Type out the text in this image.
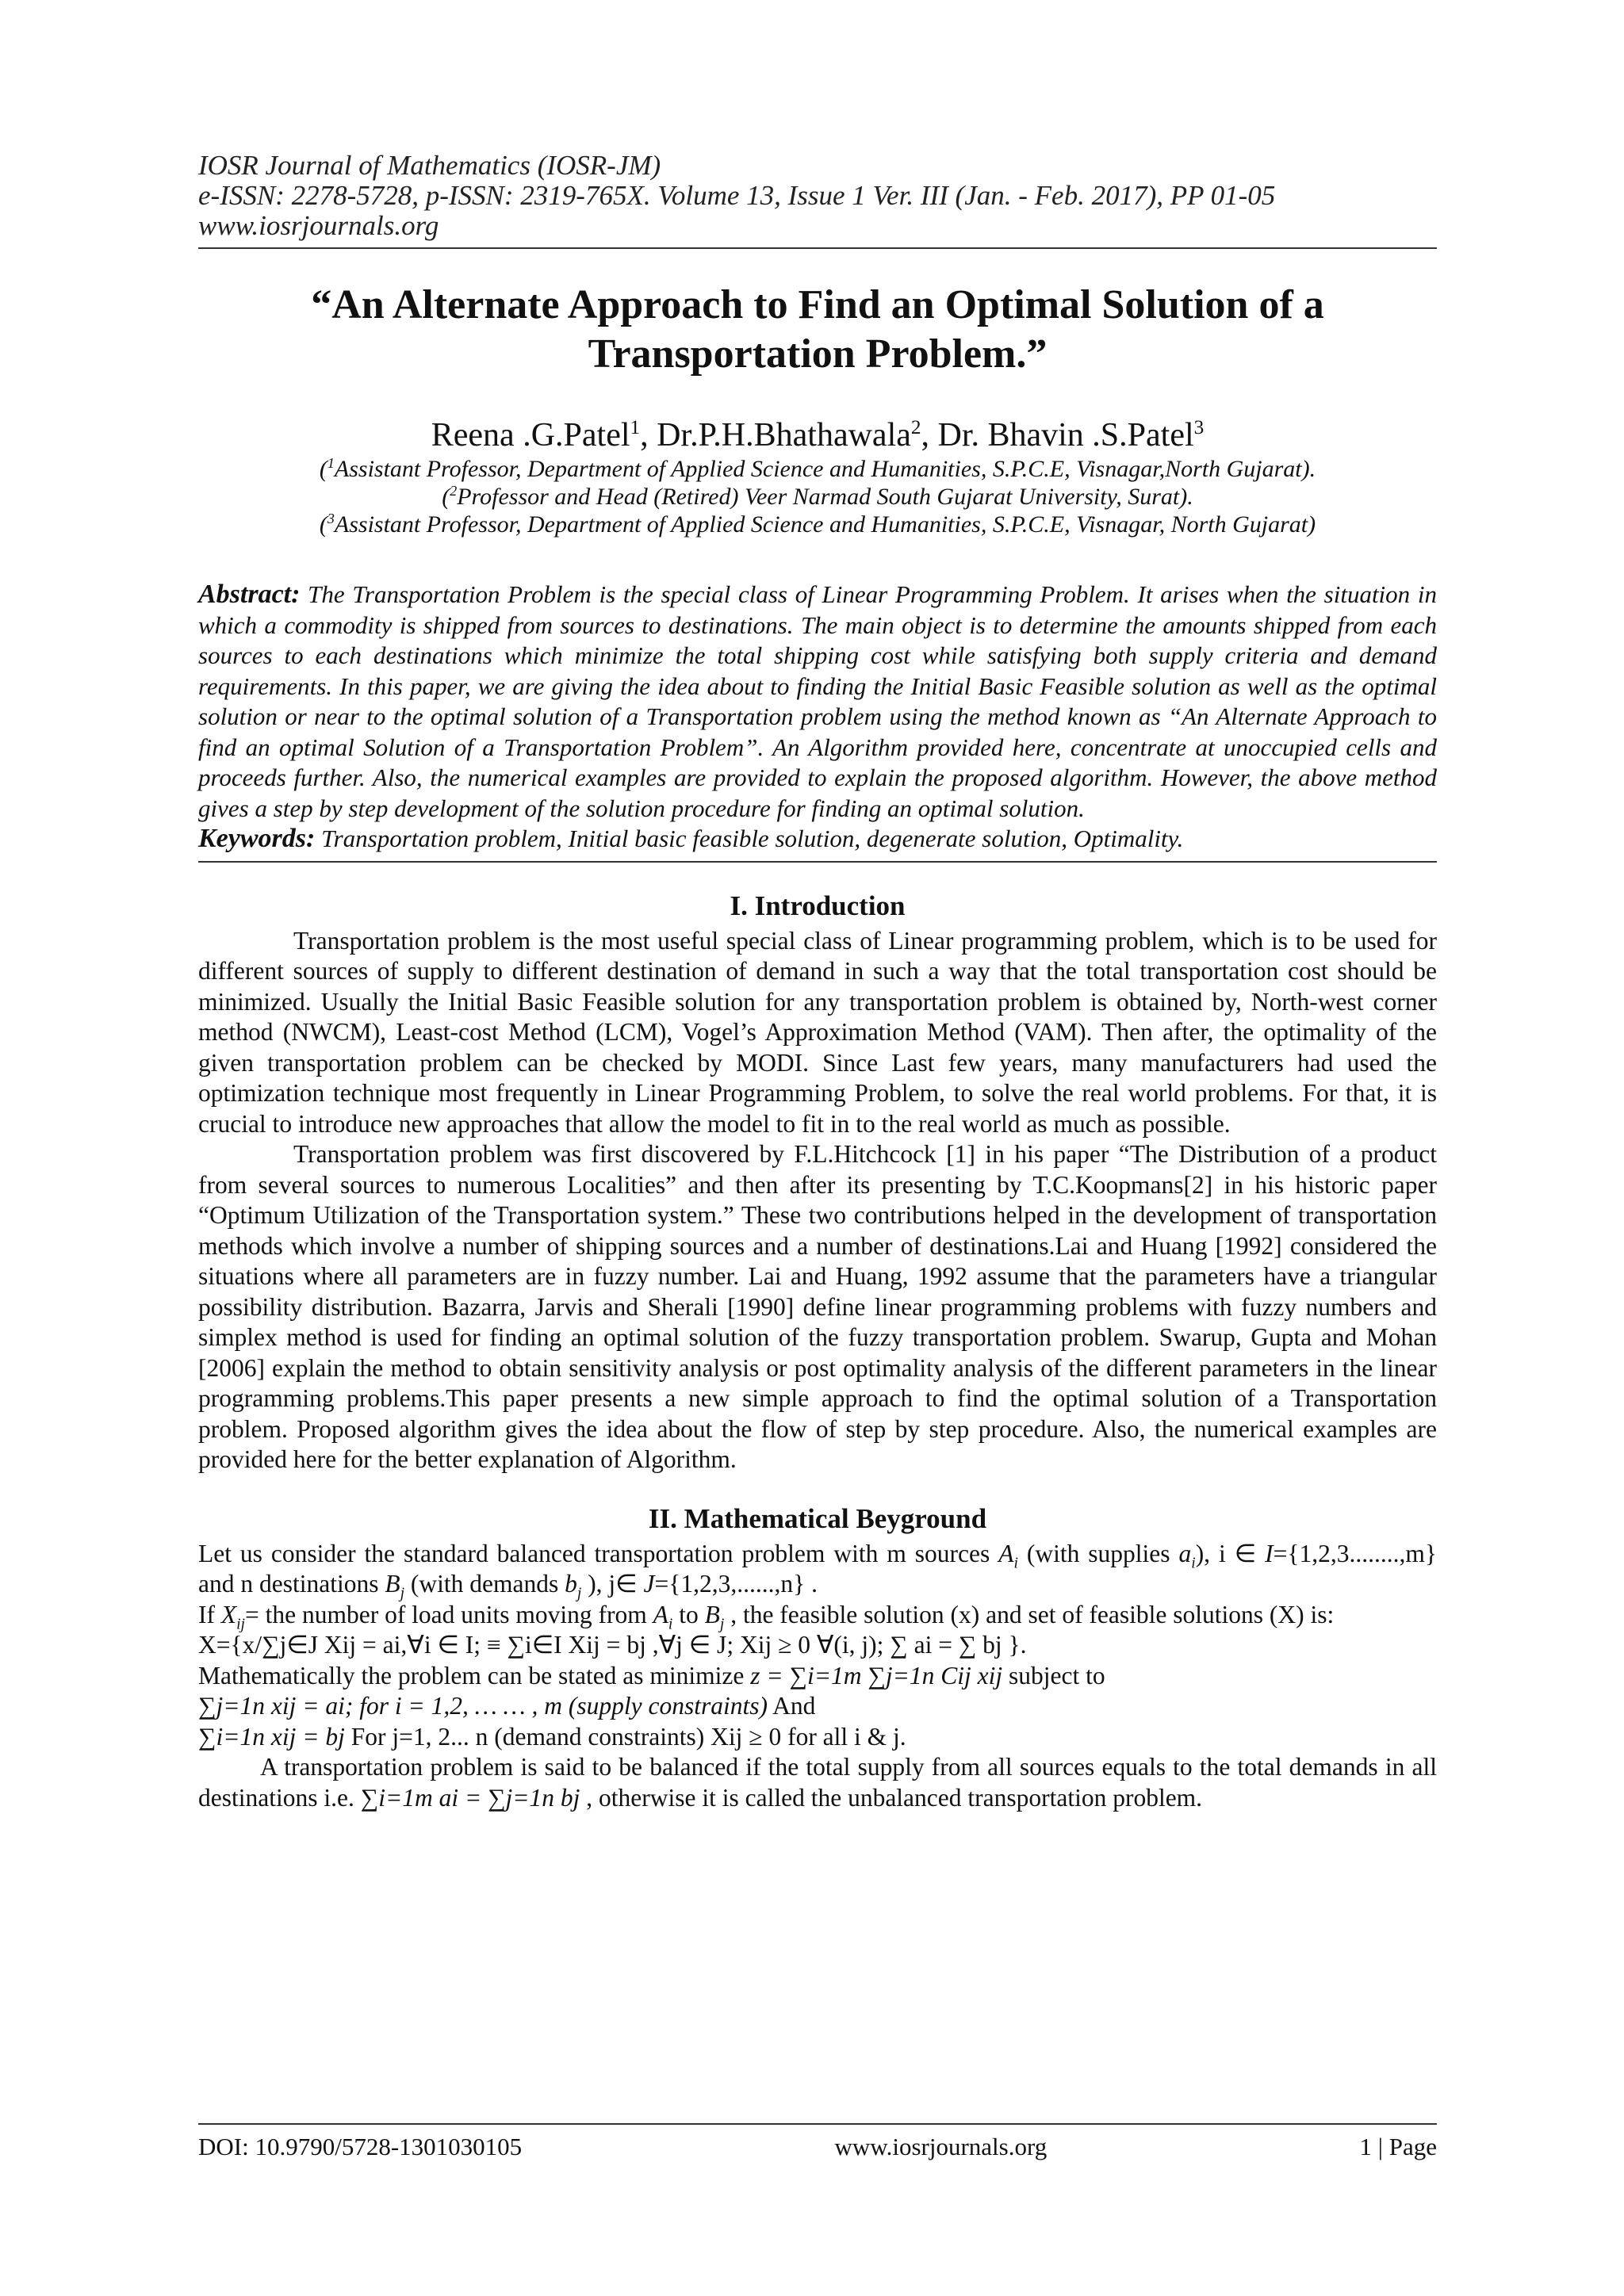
IOSR Journal of Mathematics (IOSR-JM)
e-ISSN: 2278-5728, p-ISSN: 2319-765X. Volume 13, Issue 1 Ver. III (Jan. - Feb. 2017), PP 01-05
www.iosrjournals.org
“An Alternate Approach to Find an Optimal Solution of a
Transportation Problem.”
Reena .G.Patel$^1$, Dr.P.H.Bhathawala$^2$, Dr. Bhavin .S.Patel$^3$
($^1$Assistant Professor, Department of Applied Science and Humanities, S.P.C.E, Visnagar,North Gujarat).
($^2$Professor and Head (Retired) Veer Narmad South Gujarat University, Surat).
($^3$Assistant Professor, Department of Applied Science and Humanities, S.P.C.E, Visnagar, North Gujarat)

Abstract: The Transportation Problem is the special class of Linear Programming Problem. It arises when the situation in which a commodity is shipped from sources to destinations. The main object is to determine the amounts shipped from each sources to each destinations which minimize the total shipping cost while satisfying both supply criteria and demand requirements. In this paper, we are giving the idea about to finding the Initial Basic Feasible solution as well as the optimal solution or near to the optimal solution of a Transportation problem using the method known as “An Alternate Approach to find an optimal Solution of a Transportation Problem”. An Algorithm provided here, concentrate at unoccupied cells and proceeds further. Also, the numerical examples are provided to explain the proposed algorithm. However, the above method gives a step by step development of the solution procedure for finding an optimal solution.

Keywords: Transportation problem, Initial basic feasible solution, degenerate solution, Optimality.

I. Introduction

Transportation problem is the most useful special class of Linear programming problem, which is to be used for different sources of supply to different destination of demand in such a way that the total transportation cost should be minimized. Usually the Initial Basic Feasible solution for any transportation problem is obtained by, North-west corner method (NWCM), Least-cost Method (LCM), Vogel’s Approximation Method (VAM). Then after, the optimality of the given transportation problem can be checked by MODI. Since Last few years, many manufacturers had used the optimization technique most frequently in Linear Programming Problem, to solve the real world problems. For that, it is crucial to introduce new approaches that allow the model to fit in to the real world as much as possible.

Transportation problem was first discovered by F.L.Hitchcock [1] in his paper “The Distribution of a product from several sources to numerous Localities” and then after its presenting by T.C.Koopmans[2] in his historic paper “Optimum Utilization of the Transportation system.” These two contributions helped in the development of transportation methods which involve a number of shipping sources and a number of destinations.Lai and Huang [1992] considered the situations where all parameters are in fuzzy number. Lai and Huang, 1992 assume that the parameters have a triangular possibility distribution. Bazarra, Jarvis and Sherali [1990] define linear programming problems with fuzzy numbers and simplex method is used for finding an optimal solution of the fuzzy transportation problem. Swarup, Gupta and Mohan [2006] explain the method to obtain sensitivity analysis or post optimality analysis of the different parameters in the linear programming problems.This paper presents a new simple approach to find the optimal solution of a Transportation problem. Proposed algorithm gives the idea about the flow of step by step procedure. Also, the numerical examples are provided here for the better explanation of Algorithm.

II. Mathematical Beyground

Let us consider the standard balanced transportation problem with m sources $A_i$ (with supplies $a_i$), i ∈ I={1,2,3........,m} and n destinations $B_j$ (with demands $b_j$ ), j∈ J={1,2,3,......,n} .

If $X_{ij}=$ the number of load units moving from $A_i$ to $B_j$ , the feasible solution (x) and set of feasible solutions (X) is:

X={x/∑j∈J Xij = ai,∀i ∈ I; ≡ ∑i∈I Xij = bj ,∀j ∈ J; Xij ≥ 0 ∀(i, j); ∑ ai = ∑ bj }.

Mathematically the problem can be stated as minimize z = ∑i=1m ∑j=1n Cij xij subject to

∑j=1n xij = ai; for i = 1,2, … … , m (supply constraints) And

∑i=1n xij = bj For j=1, 2... n (demand constraints) Xij ≥ 0 for all i & j.

A transportation problem is said to be balanced if the total supply from all sources equals to the total demands in all destinations i.e. ∑i=1m ai = ∑j=1n bj , otherwise it is called the unbalanced transportation problem.

DOI: 10.9790/5728-1301030105	www.iosrjournals.org	1 | Page
